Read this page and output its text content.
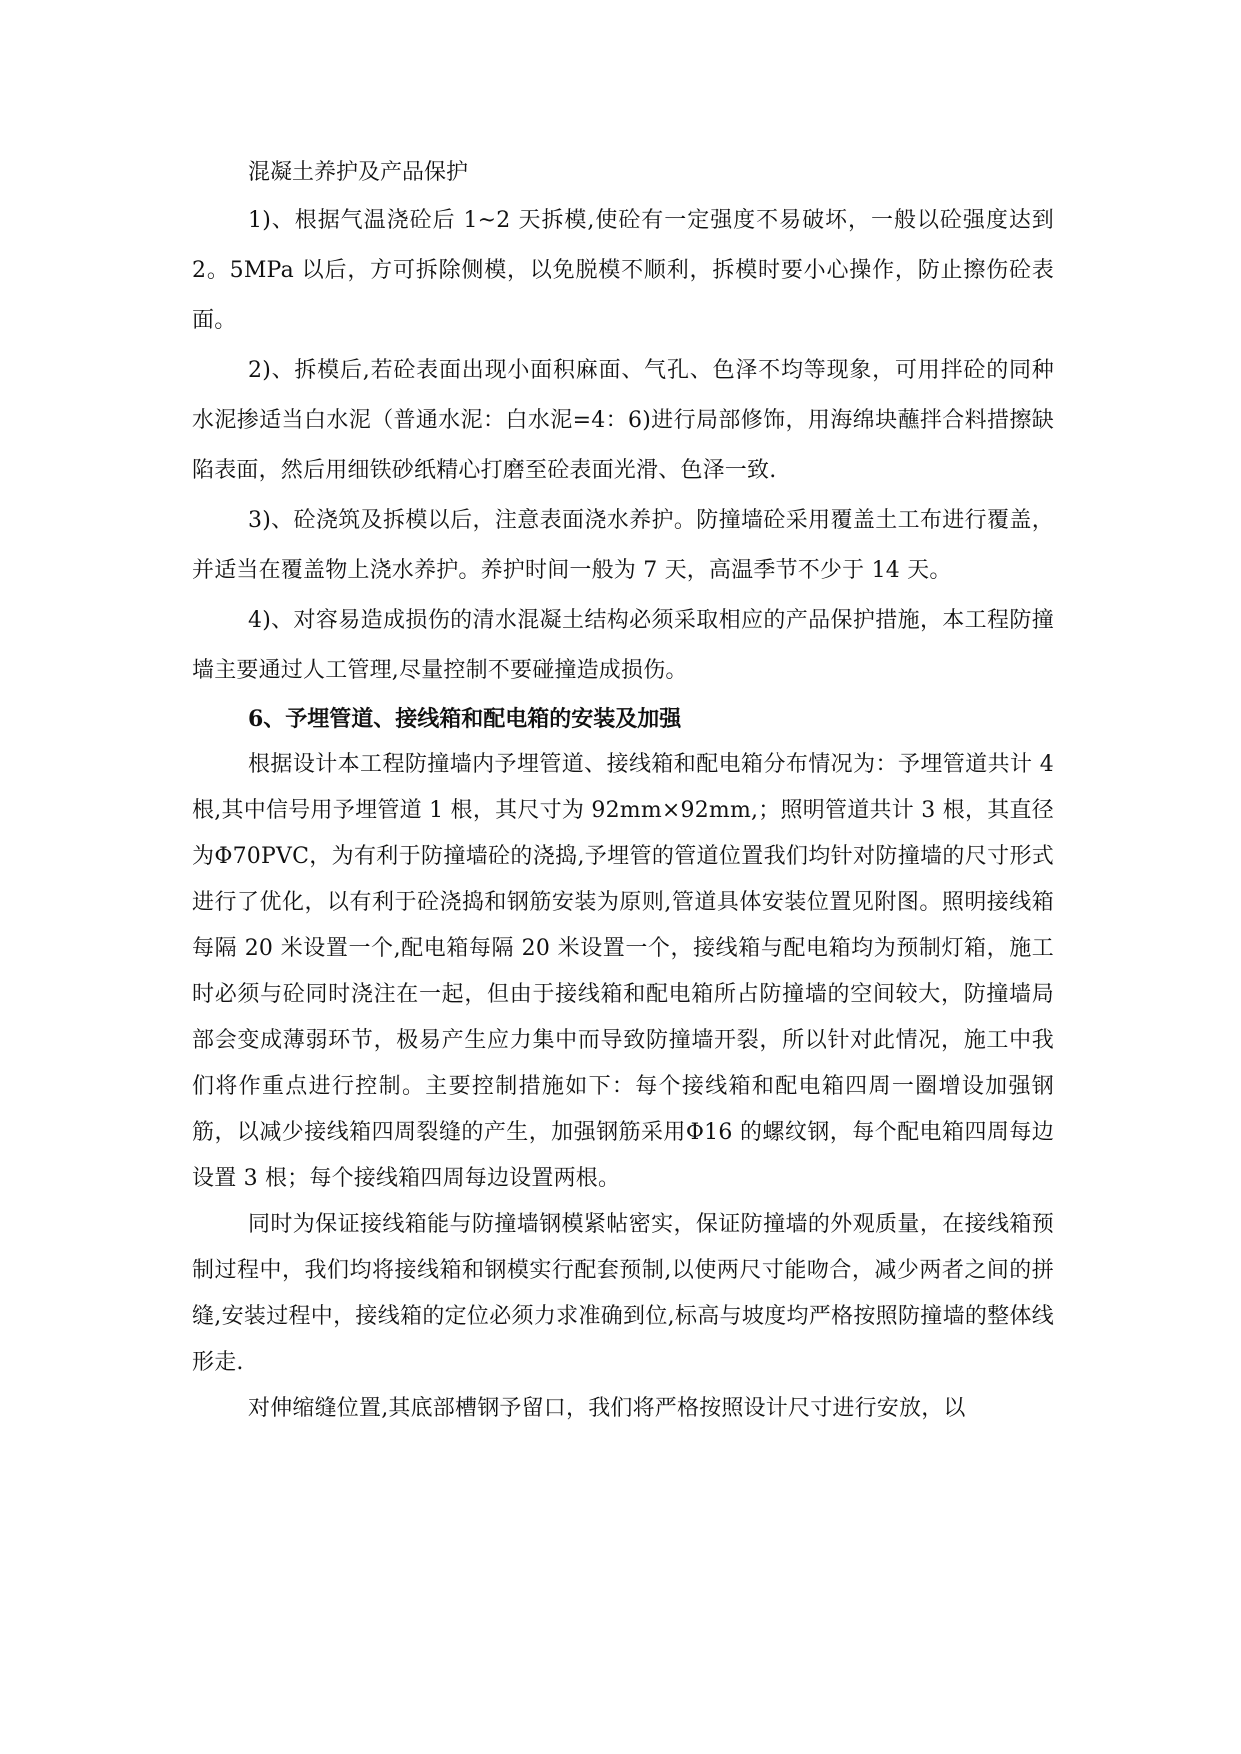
混凝土养护及产品保护

1)、根据气温浇砼后 1~2 天拆模,使砼有一定强度不易破坏，一般以砼强度达到 2。5MPa 以后，方可拆除侧模，以免脱模不顺利，拆模时要小心操作，防止擦伤砼表面。

2)、拆模后,若砼表面出现小面积麻面、气孔、色泽不均等现象，可用拌砼的同种水泥掺适当白水泥（普通水泥：白水泥=4：6)进行局部修饰，用海绵块蘸拌合料措擦缺陷表面，然后用细铁砂纸精心打磨至砼表面光滑、色泽一致.

3)、砼浇筑及拆模以后，注意表面浇水养护。防撞墙砼采用覆盖土工布进行覆盖，并适当在覆盖物上浇水养护。养护时间一般为 7 天，高温季节不少于 14 天。

4)、对容易造成损伤的清水混凝土结构必须采取相应的产品保护措施，本工程防撞墙主要通过人工管理,尽量控制不要碰撞造成损伤。

6、予埋管道、接线箱和配电箱的安装及加强

根据设计本工程防撞墙内予埋管道、接线箱和配电箱分布情况为：予埋管道共计 4 根,其中信号用予埋管道 1 根，其尺寸为 92mm×92mm,；照明管道共计 3 根，其直径为Φ70PVC，为有利于防撞墙砼的浇捣,予埋管的管道位置我们均针对防撞墙的尺寸形式进行了优化，以有利于砼浇捣和钢筋安装为原则,管道具体安装位置见附图。照明接线箱每隔 20 米设置一个,配电箱每隔 20 米设置一个，接线箱与配电箱均为预制灯箱，施工时必须与砼同时浇注在一起，但由于接线箱和配电箱所占防撞墙的空间较大，防撞墙局部会变成薄弱环节，极易产生应力集中而导致防撞墙开裂，所以针对此情况，施工中我们将作重点进行控制。主要控制措施如下：每个接线箱和配电箱四周一圈增设加强钢筋，以减少接线箱四周裂缝的产生，加强钢筋采用Φ16 的螺纹钢，每个配电箱四周每边设置 3 根；每个接线箱四周每边设置两根。

同时为保证接线箱能与防撞墙钢模紧帖密实，保证防撞墙的外观质量，在接线箱预制过程中，我们均将接线箱和钢模实行配套预制,以使两尺寸能吻合，减少两者之间的拼缝,安装过程中，接线箱的定位必须力求准确到位,标高与坡度均严格按照防撞墙的整体线形走.

对伸缩缝位置,其底部槽钢予留口，我们将严格按照设计尺寸进行安放，以
